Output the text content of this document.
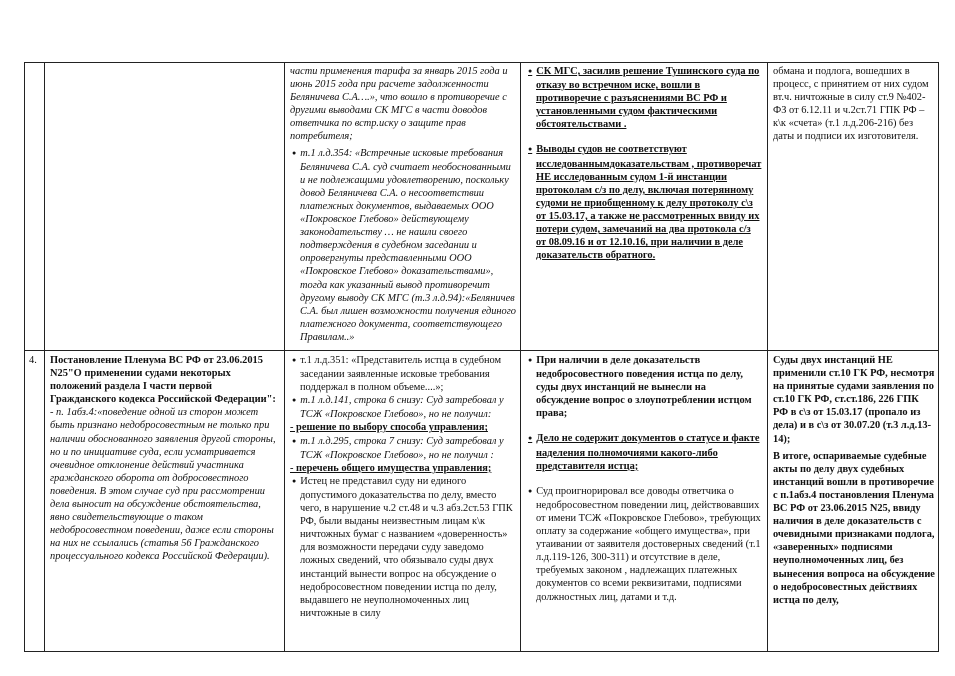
части применения тарифа за январь 2015 года и июнь 2015 года при расчете задолженности Беляничева С.А….», что вошло в противоречие с другими выводами СК МГС в части доводов ответчика по встр.иску о защите прав потребителя;

● т.1 л.д.354: «Встречные исковые требования Беляничева С.А. суд считает необоснованными и не подлежащими удовлетворению, поскольку довод Беляничева С.А. о несоответствии платежных документов, выдаваемых ООО «Покровское Глебово» действующему законодательству … не нашли своего подтверждения в судебном заседании и опровергнуты представленными ООО «Покровское Глебово» доказательствами», тогда как указанный вывод противоречит другому выводу СК МГС (т.3 л.д.94):«Беляничев С.А. был лишен возможности получения единого платежного документа, соответствующего Правилам..»

● СК МГС, засилив решение Тушинского суда по отказу во встречном иске, вошли в противоречие с разъяснениями ВС РФ и установленными судом фактическими обстоятельствами .

● Выводы судов не соответствуют исследованнымдоказательствам , противоречат НЕ исследованным судом 1-й инстанции протоколам с/з по делу, включая потерянному судоми не приобщенному к делу протоколу с\з от 15.03.17, а также не рассмотренных ввиду их потери судом, замечаний на два протокола с/з от 08.09.16 и от 12.10.16, при наличии в деле доказательств обратного.

обмана и подлога, вошедших в процесс, с принятием от них судом вт.ч. ничтожные в силу ст.9 №402-ФЗ от 6.12.11 и ч.2ст.71 ГПК РФ – к\к «счета» (т.1 л.д.206-216) без даты и подписи их изготовителя.

4.	Постановление Пленума ВС РФ от 23.06.2015 N25"О применении судами некоторых положений раздела I части первой Гражданского кодекса Российской Федерации":

- п. 1абз.4:«поведение одной из сторон может быть признано недобросовестным не только при наличии обоснованного заявления другой стороны, но и по инициативе суда, если усматривается очевидное отклонение действий участника гражданского оборота от добросовестного поведения. В этом случае суд при рассмотрении дела выносит на обсуждение обстоятельства, явно свидетельствующие о таком недобросовестном поведении, даже если стороны на них не ссылались (статья 56 Гражданского процессуального кодекса Российской Федерации).

● т.1 л.д.351: «Представитель истца в судебном заседании заявленные исковые требования поддержал в полном объеме....»;

● т.1 л.д.141, строка 6 снизу: Суд затребовал у ТСЖ «Покровское Глебово», но не получил:

- решение по выбору способа управления;

● т.1 л.д.295, строка 7 снизу: Суд затребовал у ТСЖ «Покровское Глебово», но не получил :

- перечень общего имущества управления;

● Истец не представил суду ни единого допустимого доказательства по делу, вместо чего, в нарушение ч.2 ст.48 и ч.3 абз.2ст.53 ГПК РФ, были выданы неизвестным лицам к\к ничтожных бумаг с названием «доверенность» для возможности передачи суду заведомо ложных сведений, что обязывало суды двух инстанций вынести вопрос на обсуждение о недобросовестном поведении истца по делу, выдавшего не неуполномоченных лиц ничтожные в силу

● При наличии в деле доказательств недобросовестного поведения истца по делу, суды двух инстанций не вынесли на обсуждение вопрос о злоупотреблении истцом права;

● Дело не содержит документов о статусе и факте наделения полномочиями какого-либо представителя истца;

● Суд проигнорировал все доводы ответчика о недобросовестном поведении лиц, действовавших от имени ТСЖ «Покровское Глебово», требующих оплату за содержание «общего имущества», при утаивании от заявителя достоверных сведений (т.1 л.д.119-126, 300-311) и отсутствие в деле, требуемых законом , надлежащих платежных документов со всеми реквизитами, подписями должностных лиц, датами и т.д.

Суды двух инстанций НЕ применили ст.10 ГК РФ, несмотря на принятые судами заявления по ст.10 ГК РФ, ст.ст.186, 226 ГПК РФ в с\з от 15.03.17 (пропало из дела) и в с\з от 30.07.20 (т.3 л.д.13-14);

В итоге, оспариваемые судебные акты по делу двух судебных инстанций вошли в противоречие с п.1абз.4 постановления Пленума ВС РФ от 23.06.2015 N25, ввиду наличия в деле доказательств с очевидными признаками подлога, «заверенных» подписями неуполномоченных лиц, без вынесения вопроса на обсуждение о недобросовестных действиях истца по делу,
